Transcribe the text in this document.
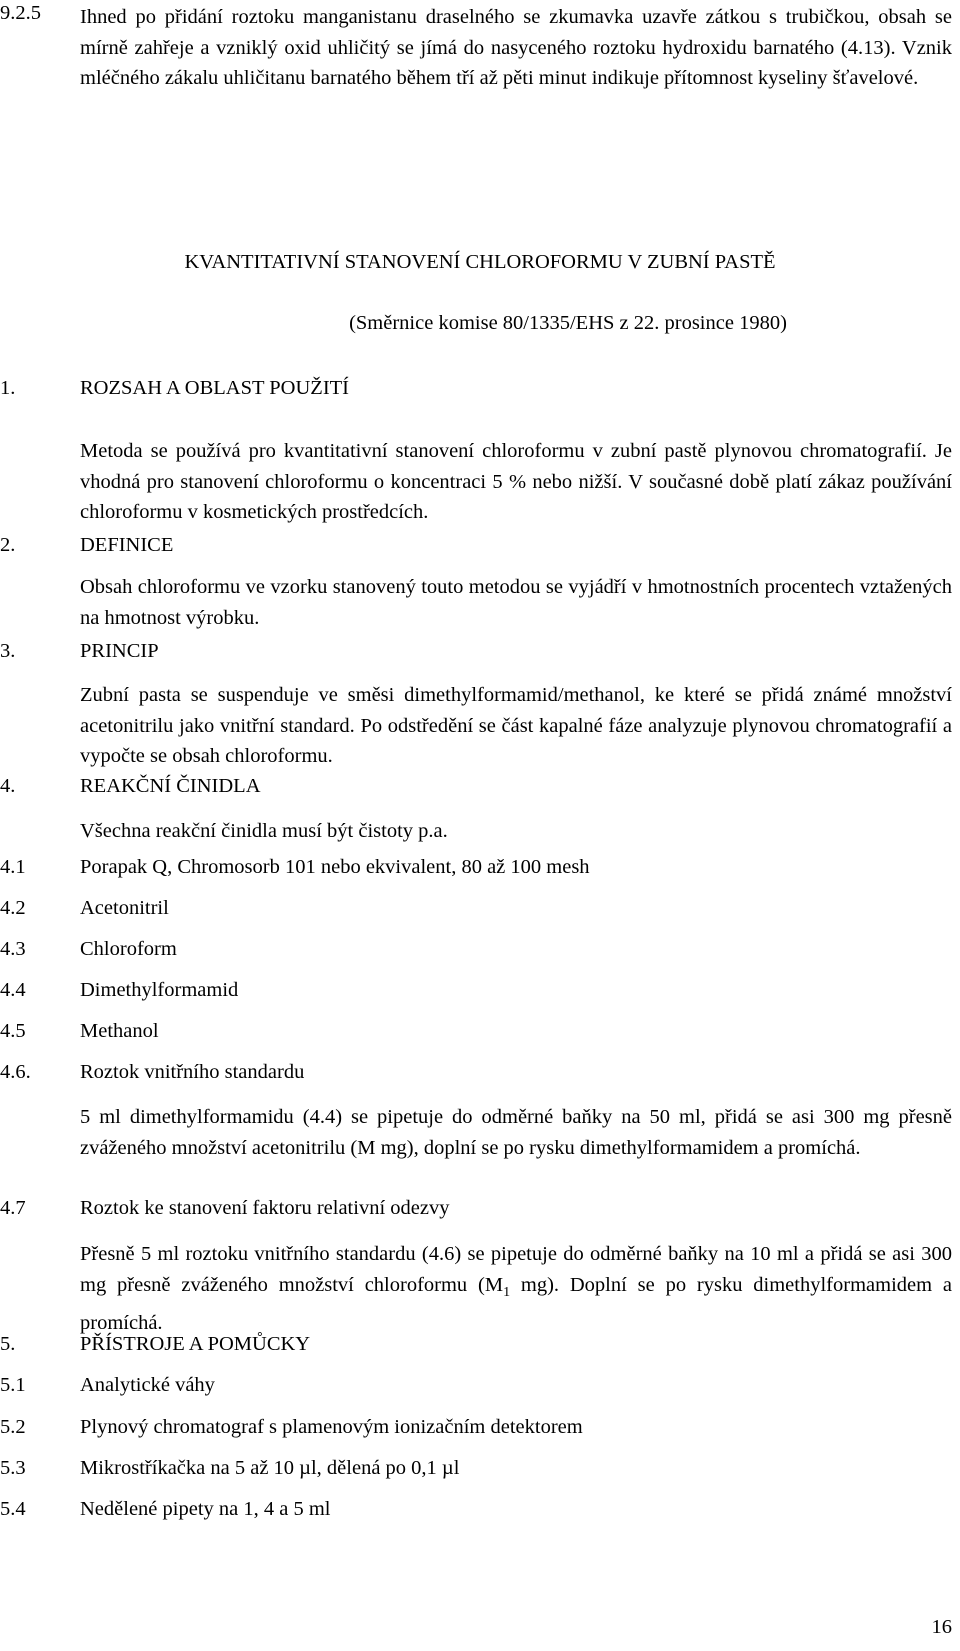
9.2.5 Ihned po přidání roztoku manganistanu draselného se zkumavka uzavře zátkou s trubičkou, obsah se mírně zahřeje a vzniklý oxid uhličitý se jímá do nasyceného roztoku hydroxidu barnatého (4.13). Vznik mléčného zákalu uhličitanu barnatého během tří až pěti minut indikuje přítomnost kyseliny šťavelové.
KVANTITATIVNÍ STANOVENÍ CHLOROFORMU V ZUBNÍ PASTĚ
(Směrnice komise 80/1335/EHS z 22. prosince 1980)
1.	ROZSAH A OBLAST POUŽITÍ
Metoda se používá pro kvantitativní stanovení chloroformu v zubní pastě plynovou chromatografií. Je vhodná pro stanovení chloroformu o koncentraci 5 % nebo nižší. V současné době platí zákaz používání chloroformu v kosmetických prostředcích.
2.	DEFINICE
Obsah chloroformu ve vzorku stanovený touto metodou se vyjádří v hmotnostních procentech vztažených na hmotnost výrobku.
3.	PRINCIP
Zubní pasta se suspenduje ve směsi dimethylformamid/methanol, ke které se přidá známé množství acetonitrilu jako vnitřní standard. Po odstředění se část kapalné fáze analyzuje plynovou chromatografií a vypočte se obsah chloroformu.
4.	REAKČNÍ ČINIDLA
Všechna reakční činidla musí být čistoty p.a.
4.1	Porapak Q, Chromosorb 101 nebo ekvivalent, 80 až 100 mesh
4.2	Acetonitril
4.3	Chloroform
4.4	Dimethylformamid
4.5	Methanol
4.6. Roztok vnitřního standardu
5 ml dimethylformamidu (4.4) se pipetuje do odměrné baňky na 50 ml, přidá se asi 300 mg přesně zváženého množství acetonitrilu (M mg), doplní se po rysku dimethylformamidem a promíchá.
4.7	Roztok ke stanovení faktoru relativní odezvy
Přesně 5 ml roztoku vnitřního standardu (4.6) se pipetuje do odměrné baňky na 10 ml a přidá se asi 300 mg přesně zváženého množství chloroformu ($M_1$ mg). Doplní se po rysku dimethylformamidem a promíchá.
5.	PŘÍSTROJE A POMŮCKY
5.1	Analytické váhy
5.2	Plynový chromatograf s plamenovým ionizačním detektorem
5.3	Mikrostříkačka na 5 až 10 µl, dělená po 0,1 µl
5.4	Nedělené pipety na 1, 4 a 5 ml
16
